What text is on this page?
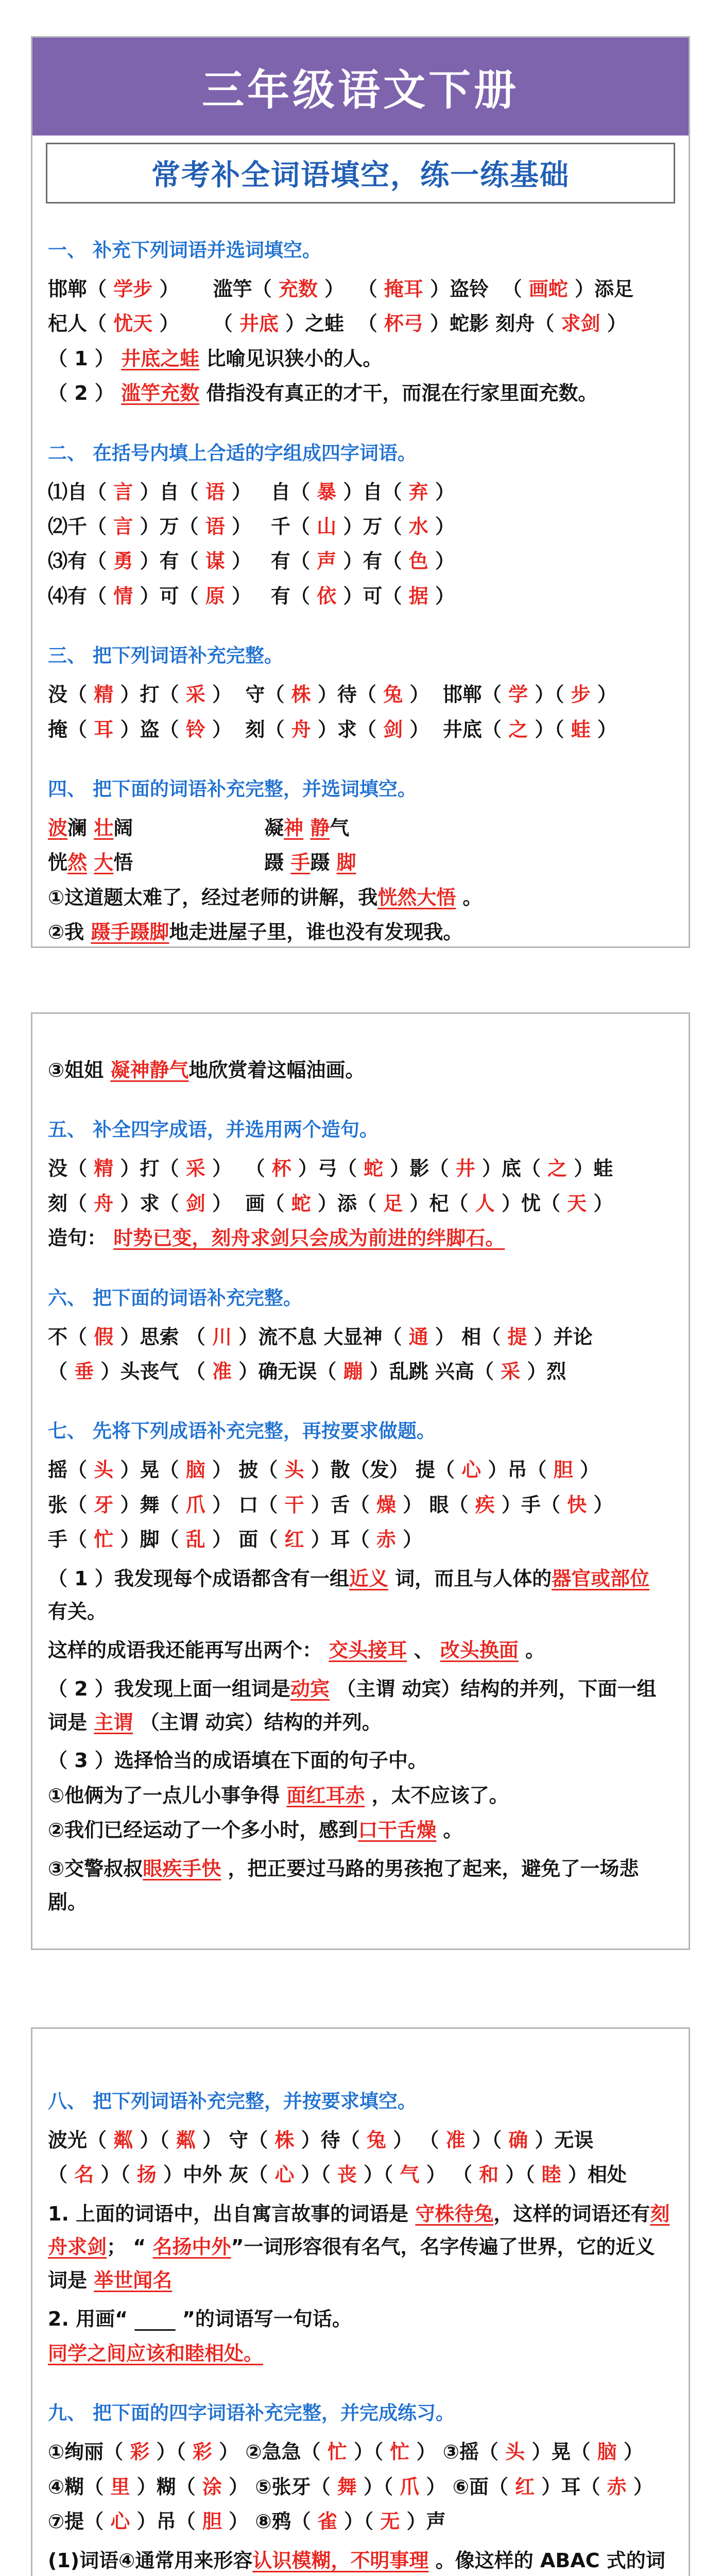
三年级语文下册
常考补全词语填空，练一练基础
一、 补充下列词语并选词填空。
邯郸（ 学步 ）     滥竽（ 充数 ）  （ 掩耳 ）盗铃  （ 画蛇 ）添足
杞人（ 忧天 ）     （ 井底 ）之蛙  （ 杯弓 ）蛇影 刻舟（ 求剑 ）
（ 1 ） 井底之蛙 比喻见识狭小的人。
（ 2 ） 滥竽充数 借指没有真正的才干，而混在行家里面充数。
二、 在括号内填上合适的字组成四字词语。
⑴自（ 言 ）自（ 语 ）    自（ 暴 ）自（ 弃 ）
⑵千（ 言 ）万（ 语 ）    千（ 山 ）万（ 水 ）
⑶有（ 勇 ）有（ 谋 ）    有（ 声 ）有（ 色 ）
⑷有（ 情 ）可（ 原 ）    有（ 依 ）可（ 据 ）
三、 把下列词语补充完整。
没（ 精 ）打（ 采 ）  守（ 株 ）待（ 兔 ）  邯郸（ 学 ）（ 步 ）
掩（ 耳 ）盗（ 铃 ）  刻（ 舟 ）求（ 剑 ）  井底（ 之 ）（ 蛙 ）
四、 把下面的词语补充完整，并选词填空。
波澜 壮阔	凝神 静气
恍然 大悟	蹑 手蹑 脚
①这道题太难了，经过老师的讲解，我恍然大悟 。
②我 蹑手蹑脚地走进屋子里，谁也没有发现我。
③姐姐 凝神静气地欣赏着这幅油画。
五、 补全四字成语，并选用两个造句。
没（ 精 ）打（ 采 ）  （ 杯 ）弓（ 蛇 ）影（ 井 ）底（ 之 ）蛙
刻（ 舟 ）求（ 剑 ）  画（ 蛇 ）添（ 足 ）杞（ 人 ）忧（ 天 ）
造句： 时势已变，刻舟求剑只会成为前进的绊脚石。
六、 把下面的词语补充完整。
不（ 假 ）思索 （ 川 ）流不息 大显神（ 通 ） 相（ 提 ）并论
（ 垂 ）头丧气 （ 准 ）确无误（ 蹦 ）乱跳 兴高（ 采 ）烈
七、 先将下列成语补充完整，再按要求做题。
摇（ 头 ）晃（ 脑 ） 披（ 头 ）散（发） 提（ 心 ）吊（ 胆 ）
张（ 牙 ）舞（ 爪 ） 口（ 干 ）舌（ 燥 ） 眼（ 疾 ）手（ 快 ）
手（ 忙 ）脚（ 乱 ） 面（ 红 ）耳（ 赤 ）
（ 1 ）我发现每个成语都含有一组近义 词，而且与人体的器官或部位 有关。
这样的成语我还能再写出两个： 交头接耳 、 改头换面 。
（ 2 ）我发现上面一组词是动宾 （主谓 动宾）结构的并列，下面一组词是 主谓 （主谓 动宾）结构的并列。
（ 3 ）选择恰当的成语填在下面的句子中。
①他俩为了一点儿小事争得 面红耳赤 ，太不应该了。
②我们已经运动了一个多小时，感到口干舌燥 。
③交警叔叔眼疾手快 ，把正要过马路的男孩抱了起来，避免了一场悲剧。
八、 把下列词语补充完整，并按要求填空。
波光（ 粼 ）（ 粼 ） 守（ 株 ）待（ 兔 ） （ 准 ）（ 确 ）无误
（ 名 ）（ 扬 ）中外 灰（ 心 ）（ 丧 ）（ 气 ） （ 和 ）（ 睦 ）相处
1. 上面的词语中，出自寓言故事的词语是 守株待兔，这样的词语还有刻舟求剑； “ 名扬中外”一词形容很有名气，名字传遍了世界，它的近义词是 举世闻名
2. 用画“        ”的词语写一句话。
同学之间应该和睦相处。
九、 把下面的四字词语补充完整，并完成练习。
①绚丽（ 彩 ）（ 彩 ） ②急急（ 忙 ）（ 忙 ） ③摇（ 头 ）晃（ 脑 ）
④糊（ 里 ）糊（ 涂 ） ⑤张牙（ 舞 ）（ 爪 ） ⑥面（ 红 ）耳（ 赤 ）
⑦提（ 心 ）吊（ 胆 ） ⑧鸦（ 雀 ）（ 无 ）声
(1)词语④通常用来形容认识模糊，不明事理 。像这样的 ABAC 式的词
